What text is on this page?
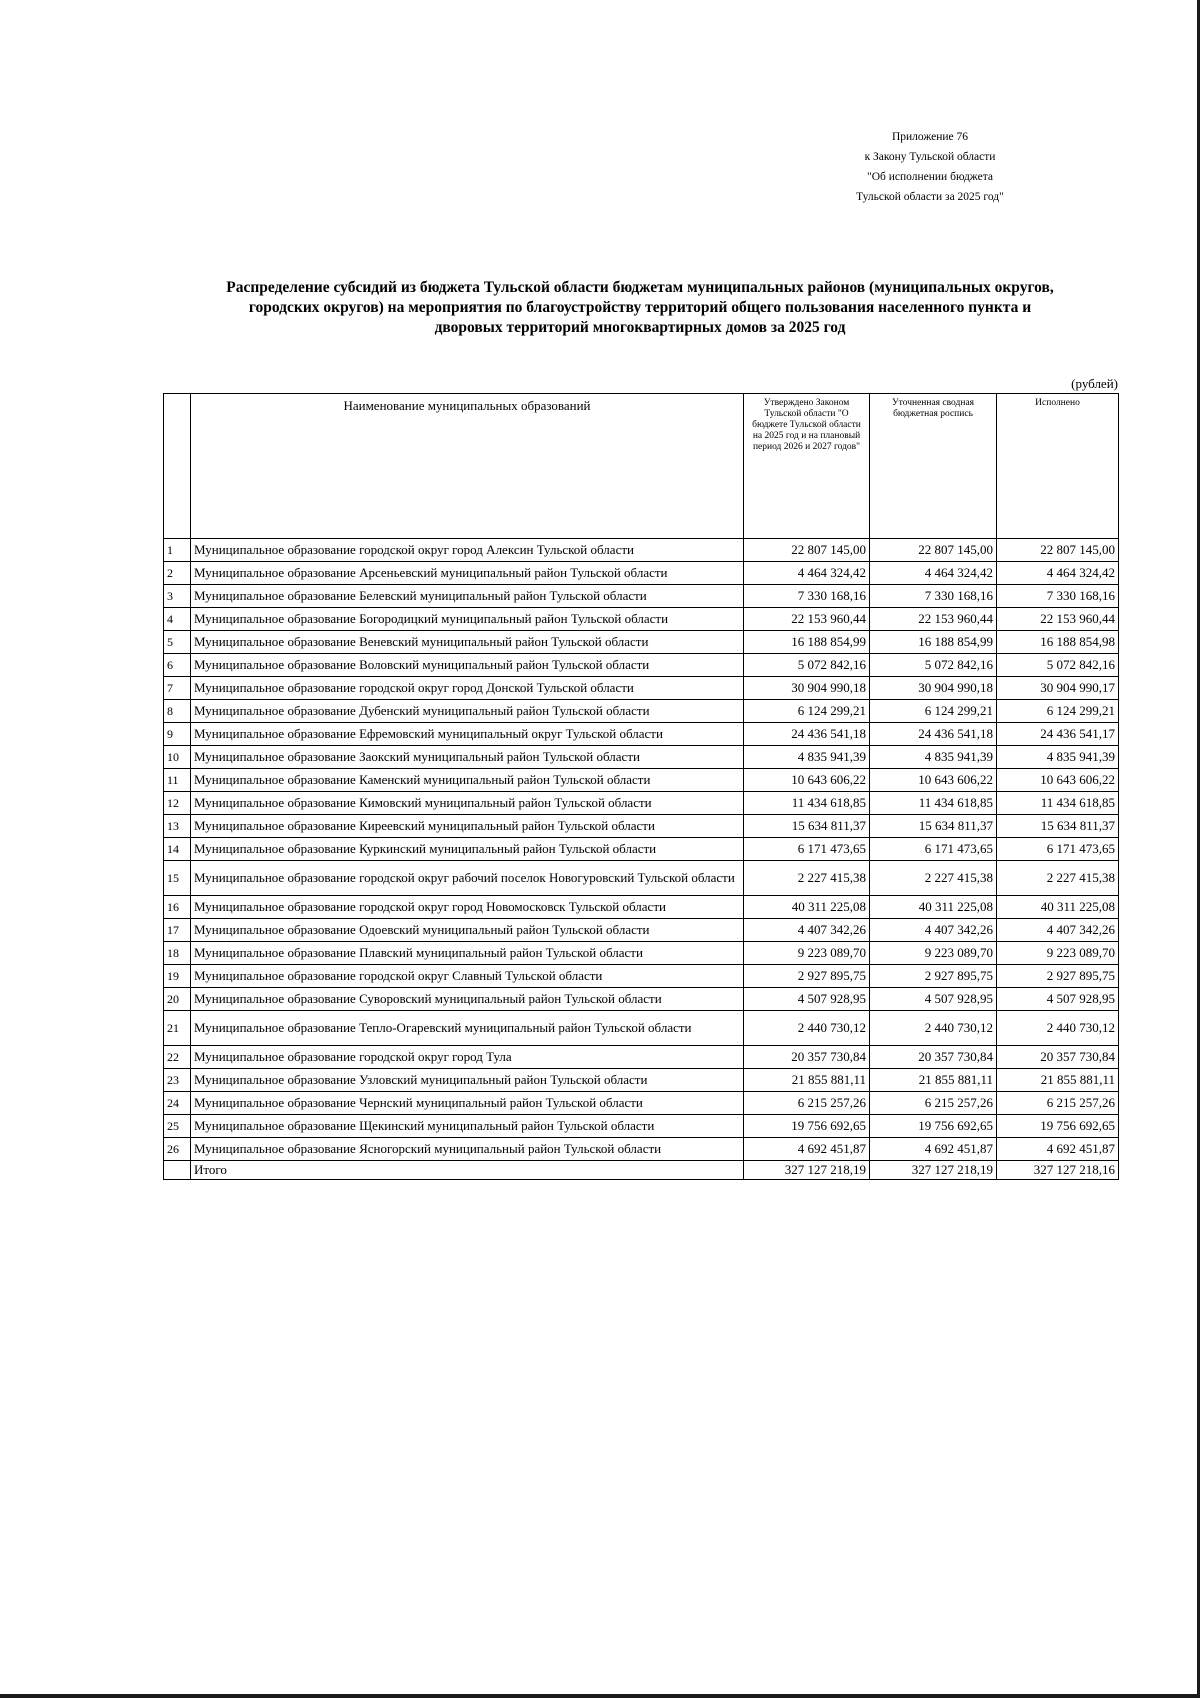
Приложение 76
к Закону Тульской области
"Об исполнении бюджета
Тульской области за 2025 год"
Распределение субсидий из бюджета Тульской области бюджетам муниципальных районов (муниципальных округов,
городских округов) на мероприятия по благоустройству территорий общего пользования населенного пункта и
дворовых территорий многоквартирных домов за 2025 год
(рублей)
	Наименование муниципальных образований	Утверждено Законом Тульской области "О бюджете Тульской области на 2025 год и на плановый период 2026 и 2027 годов"	Уточненная сводная бюджетная роспись	Исполнено
1	Муниципальное образование городской округ город Алексин Тульской области	22 807 145,00	22 807 145,00	22 807 145,00
2	Муниципальное образование Арсеньевский муниципальный район Тульской области	4 464 324,42	4 464 324,42	4 464 324,42
3	Муниципальное образование Белевский муниципальный район Тульской области	7 330 168,16	7 330 168,16	7 330 168,16
4	Муниципальное образование Богородицкий муниципальный район Тульской области	22 153 960,44	22 153 960,44	22 153 960,44
5	Муниципальное образование Веневский муниципальный район Тульской области	16 188 854,99	16 188 854,99	16 188 854,98
6	Муниципальное образование Воловский муниципальный район Тульской области	5 072 842,16	5 072 842,16	5 072 842,16
7	Муниципальное образование городской округ город Донской Тульской области	30 904 990,18	30 904 990,18	30 904 990,17
8	Муниципальное образование Дубенский муниципальный район Тульской области	6 124 299,21	6 124 299,21	6 124 299,21
9	Муниципальное образование Ефремовский муниципальный округ Тульской области	24 436 541,18	24 436 541,18	24 436 541,17
10	Муниципальное образование Заокский муниципальный район Тульской области	4 835 941,39	4 835 941,39	4 835 941,39
11	Муниципальное образование Каменский муниципальный район Тульской области	10 643 606,22	10 643 606,22	10 643 606,22
12	Муниципальное образование Кимовский муниципальный район Тульской области	11 434 618,85	11 434 618,85	11 434 618,85
13	Муниципальное образование Киреевский муниципальный район Тульской области	15 634 811,37	15 634 811,37	15 634 811,37
14	Муниципальное образование Куркинский муниципальный район Тульской области	6 171 473,65	6 171 473,65	6 171 473,65
15	Муниципальное образование городской округ рабочий поселок Новогуровский Тульской области	2 227 415,38	2 227 415,38	2 227 415,38
16	Муниципальное образование городской округ город Новомосковск Тульской области	40 311 225,08	40 311 225,08	40 311 225,08
17	Муниципальное образование Одоевский муниципальный район Тульской области	4 407 342,26	4 407 342,26	4 407 342,26
18	Муниципальное образование Плавский муниципальный район Тульской области	9 223 089,70	9 223 089,70	9 223 089,70
19	Муниципальное образование городской округ Славный Тульской области	2 927 895,75	2 927 895,75	2 927 895,75
20	Муниципальное образование Суворовский муниципальный район Тульской области	4 507 928,95	4 507 928,95	4 507 928,95
21	Муниципальное образование Тепло-Огаревский муниципальный район Тульской области	2 440 730,12	2 440 730,12	2 440 730,12
22	Муниципальное образование городской округ город Тула	20 357 730,84	20 357 730,84	20 357 730,84
23	Муниципальное образование Узловский муниципальный район Тульской области	21 855 881,11	21 855 881,11	21 855 881,11
24	Муниципальное образование Чернский муниципальный район Тульской области	6 215 257,26	6 215 257,26	6 215 257,26
25	Муниципальное образование Щекинский муниципальный район Тульской области	19 756 692,65	19 756 692,65	19 756 692,65
26	Муниципальное образование Ясногорский муниципальный район Тульской области	4 692 451,87	4 692 451,87	4 692 451,87
	Итого	327 127 218,19	327 127 218,19	327 127 218,16
